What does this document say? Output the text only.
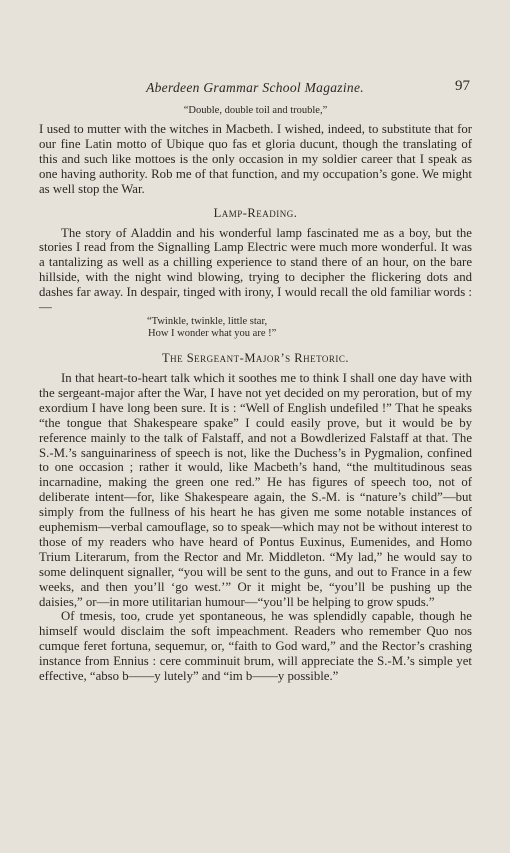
Aberdeen Grammar School Magazine.	97
“Double, double toil and trouble,”

I used to mutter with the witches in Macbeth. I wished, indeed, to substitute that for our fine Latin motto of Ubique quo fas et gloria ducunt, though the translating of this and such like mottoes is the only occasion in my soldier career that I speak as one having authority. Rob me of that function, and my occupation’s gone. We might as well stop the War.

Lamp-Reading.

The story of Aladdin and his wonderful lamp fascinated me as a boy, but the stories I read from the Signalling Lamp Electric were much more wonderful. It was a tantalizing as well as a chilling experience to stand there of an hour, on the bare hillside, with the night wind blowing, trying to decipher the flickering dots and dashes far away. In despair, tinged with irony, I would recall the old familiar words :—

“Twinkle, twinkle, little star,
How I wonder what you are !”
The Sergeant-Major’s Rhetoric.

In that heart-to-heart talk which it soothes me to think I shall one day have with the sergeant-major after the War, I have not yet decided on my peroration, but of my exordium I have long been sure. It is : “Well of English undefiled !” That he speaks “the tongue that Shakespeare spake” I could easily prove, but it would be by reference mainly to the talk of Falstaff, and not a Bowdlerized Falstaff at that. The S.-M.’s sanguinariness of speech is not, like the Duchess’s in Pygmalion, confined to one occasion ; rather it would, like Macbeth’s hand, “the multitudinous seas incarnadine, making the green one red.” He has figures of speech too, not of deliberate intent—for, like Shakespeare again, the S.-M. is “nature’s child”—but simply from the fullness of his heart he has given me some notable instances of euphemism—verbal camouflage, so to speak—which may not be without interest to those of my readers who have heard of Pontus Euxinus, Eumenides, and Homo Trium Literarum, from the Rector and Mr. Middleton. “My lad,” he would say to some delinquent signaller, “you will be sent to the guns, and out to France in a few weeks, and then you’ll ‘go west.’” Or it might be, “you’ll be pushing up the daisies,” or—in more utilitarian humour—“you’ll be helping to grow spuds.”

Of tmesis, too, crude yet spontaneous, he was splendidly capable, though he himself would disclaim the soft impeachment. Readers who remember Quo nos cumque feret fortuna, sequemur, or, “faith to God ward,” and the Rector’s crashing instance from Ennius : cere comminuit brum, will appreciate the S.-M.’s simple yet effective, “abso b——y lutely” and “im b——y possible.”
